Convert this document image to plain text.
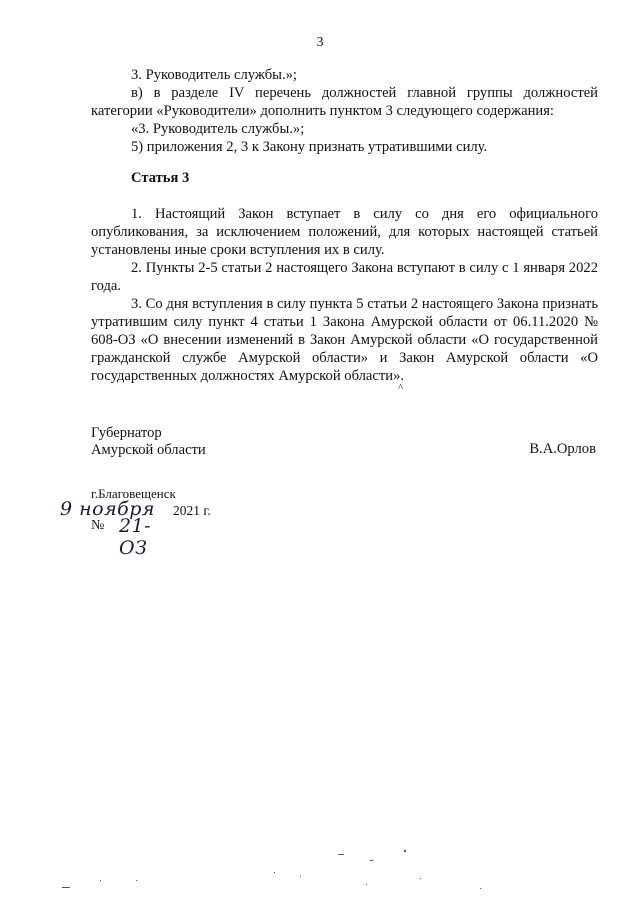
3

3. Руководитель службы.»;

в) в разделе IV перечень должностей главной группы должностей категории «Руководители» дополнить пунктом 3 следующего содержания:

«3. Руководитель службы.»;

5) приложения 2, 3 к Закону признать утратившими силу.

Статья 3

1. Настоящий Закон вступает в силу со дня его официального опубликования, за исключением положений, для которых настоящей статьей установлены иные сроки вступления их в силу.

2. Пункты 2-5 статьи 2 настоящего Закона вступают в силу с 1 января 2022 года.

3. Со дня вступления в силу пункта 5 статьи 2 настоящего Закона признать утратившим силу пункт 4 статьи 1 Закона Амурской области от 06.11.2020 № 608-ОЗ «О внесении изменений в Закон Амурской области «О государственной гражданской службе Амурской области» и Закон Амурской области «О государственных должностях Амурской области».

^
Губернатор
Амурской области	В.А.Орлов
г.Благовещенск
9 ноября 2021 г.
№ 21-ОЗ
